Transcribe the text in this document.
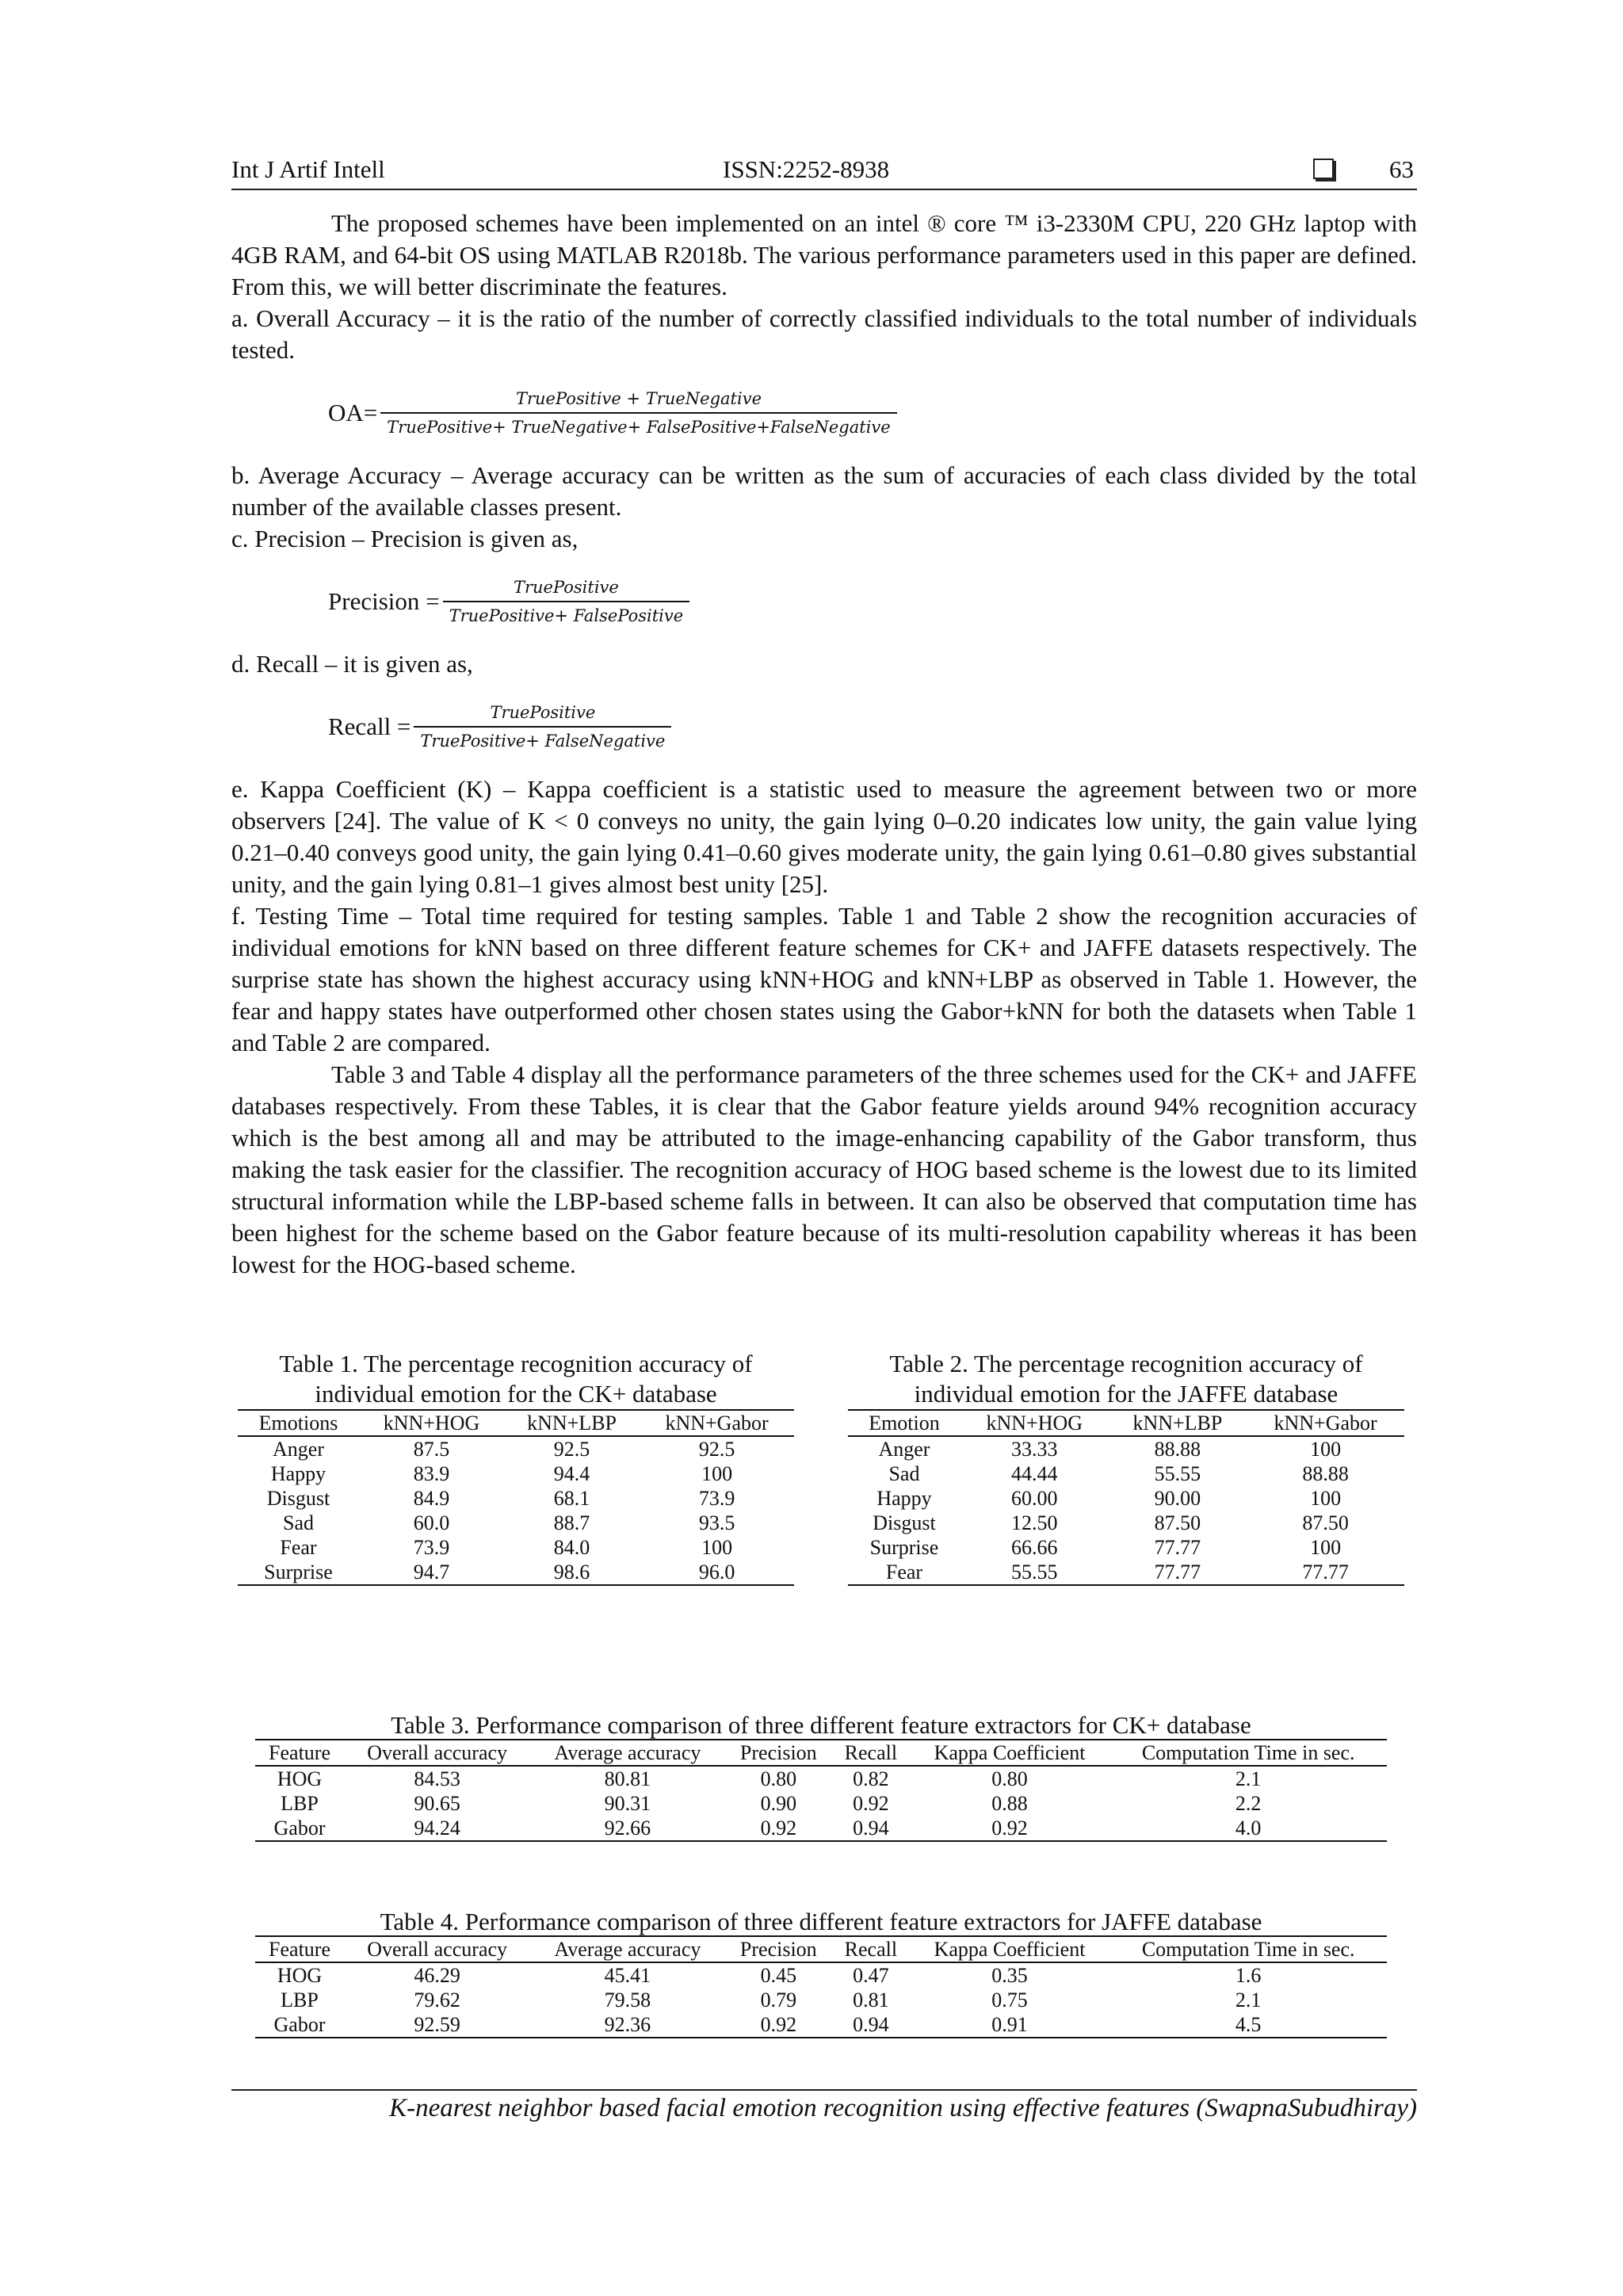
Int J Artif Intell	ISSN:2252-8938	63

The proposed schemes have been implemented on an intel ® core ™ i3-2330M CPU, 220 GHz laptop with 4GB RAM, and 64-bit OS using MATLAB R2018b. The various performance parameters used in this paper are defined. From this, we will better discriminate the features.

a. Overall Accuracy – it is the ratio of the number of correctly classified individuals to the total number of individuals tested.

$OA= \frac{\text{TruePositive + TrueNegative}}{\text{TruePositive+ TrueNegative+ FalsePositive+FalseNegative}}$

b. Average Accuracy – Average accuracy can be written as the sum of accuracies of each class divided by the total number of the available classes present.

c. Precision – Precision is given as,

Precision = $\frac{\text{TruePositive}}{\text{TruePositive+ FalsePositive}}$

d. Recall – it is given as,

Recall = $\frac{\text{TruePositive}}{\text{TruePositive+ FalseNegative}}$

e. Kappa Coefficient (K) – Kappa coefficient is a statistic used to measure the agreement between two or more observers [24]. The value of K < 0 conveys no unity, the gain lying 0–0.20 indicates low unity, the gain value lying 0.21–0.40 conveys good unity, the gain lying 0.41–0.60 gives moderate unity, the gain lying 0.61–0.80 gives substantial unity, and the gain lying 0.81–1 gives almost best unity [25].

f. Testing Time – Total time required for testing samples. Table 1 and Table 2 show the recognition accuracies of individual emotions for kNN based on three different feature schemes for CK+ and JAFFE datasets respectively. The surprise state has shown the highest accuracy using kNN+HOG and kNN+LBP as observed in Table 1. However, the fear and happy states have outperformed other chosen states using the Gabor+kNN for both the datasets when Table 1 and Table 2 are compared.

Table 3 and Table 4 display all the performance parameters of the three schemes used for the CK+ and JAFFE databases respectively. From these Tables, it is clear that the Gabor feature yields around 94% recognition accuracy which is the best among all and may be attributed to the image-enhancing capability of the Gabor transform, thus making the task easier for the classifier. The recognition accuracy of HOG based scheme is the lowest due to its limited structural information while the LBP-based scheme falls in between. It can also be observed that computation time has been highest for the scheme based on the Gabor feature because of its multi-resolution capability whereas it has been lowest for the HOG-based scheme.

Table 1. The percentage recognition accuracy of individual emotion for the CK+ database
Emotions	kNN+HOG	kNN+LBP	kNN+Gabor
Anger	87.5	92.5	92.5
Happy	83.9	94.4	100
Disgust	84.9	68.1	73.9
Sad	60.0	88.7	93.5
Fear	73.9	84.0	100
Surprise	94.7	98.6	96.0
Table 2. The percentage recognition accuracy of individual emotion for the JAFFE database
Emotion	kNN+HOG	kNN+LBP	kNN+Gabor
Anger	33.33	88.88	100
Sad	44.44	55.55	88.88
Happy	60.00	90.00	100
Disgust	12.50	87.50	87.50
Surprise	66.66	77.77	100
Fear	55.55	77.77	77.77
Table 3. Performance comparison of three different feature extractors for CK+ database
Feature	Overall accuracy	Average accuracy	Precision	Recall	Kappa Coefficient	Computation Time in sec.
HOG	84.53	80.81	0.80	0.82	0.80	2.1
LBP	90.65	90.31	0.90	0.92	0.88	2.2
Gabor	94.24	92.66	0.92	0.94	0.92	4.0
Table 4. Performance comparison of three different feature extractors for JAFFE database
Feature	Overall accuracy	Average accuracy	Precision	Recall	Kappa Coefficient	Computation Time in sec.
HOG	46.29	45.41	0.45	0.47	0.35	1.6
LBP	79.62	79.58	0.79	0.81	0.75	2.1
Gabor	92.59	92.36	0.92	0.94	0.91	4.5
K-nearest neighbor based facial emotion recognition using effective features (SwapnaSubudhiray)
